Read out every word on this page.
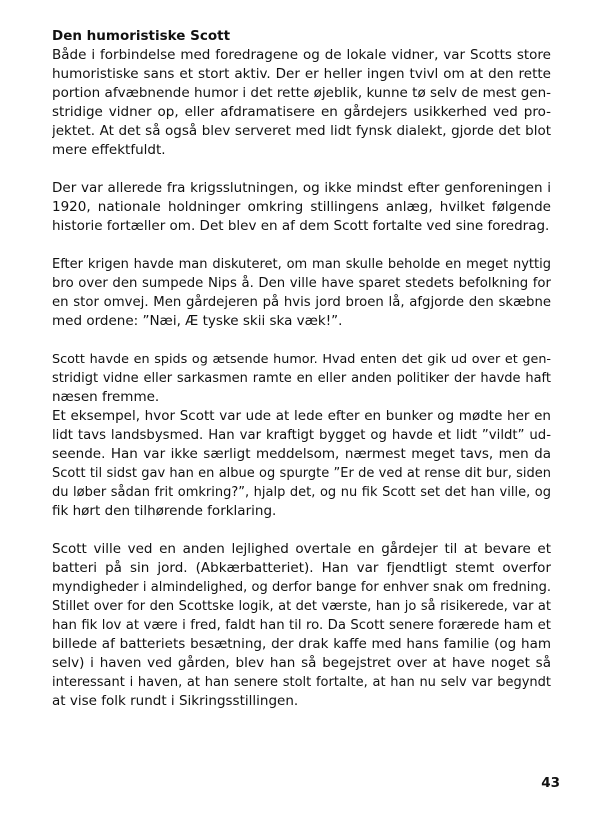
Den humoristiske Scott
Både i forbindelse med foredragene og de lokale vidner, var Scotts store
humoristiske sans et stort aktiv. Der er heller ingen tvivl om at den rette
portion afvæbnende humor i det rette øjeblik, kunne tø selv de mest gen-
stridige vidner op, eller afdramatisere en gårdejers usikkerhed ved pro-
jektet. At det så også blev serveret med lidt fynsk dialekt, gjorde det blot
mere effektfuldt.
Der var allerede fra krigsslutningen, og ikke mindst efter genforeningen i
1920, nationale holdninger omkring stillingens anlæg, hvilket følgende
historie fortæller om. Det blev en af dem Scott fortalte ved sine foredrag.
Efter krigen havde man diskuteret, om man skulle beholde en meget nyttig
bro over den sumpede Nips å. Den ville have sparet stedets befolkning for
en stor omvej. Men gårdejeren på hvis jord broen lå, afgjorde den skæbne
med ordene: ”Næi, Æ tyske skii ska væk!”.
Scott havde en spids og ætsende humor. Hvad enten det gik ud over et gen-
stridigt vidne eller sarkasmen ramte en eller anden politiker der havde haft
næsen fremme.
Et eksempel, hvor Scott var ude at lede efter en bunker og mødte her en
lidt tavs landsbysmed. Han var kraftigt bygget og havde et lidt ”vildt” ud-
seende. Han var ikke særligt meddelsom, nærmest meget tavs, men da
Scott til sidst gav han en albue og spurgte ”Er de ved at rense dit bur, siden
du løber sådan frit omkring?”, hjalp det, og nu fik Scott set det han ville, og
fik hørt den tilhørende forklaring.
Scott ville ved en anden lejlighed overtale en gårdejer til at bevare et
batteri på sin jord. (Abkærbatteriet). Han var fjendtligt stemt overfor
myndigheder i almindelighed, og derfor bange for enhver snak om fredning.
Stillet over for den Scottske logik, at det værste, han jo så risikerede, var at
han fik lov at være i fred, faldt han til ro. Da Scott senere forærede ham et
billede af batteriets besætning, der drak kaffe med hans familie (og ham
selv) i haven ved gården, blev han så begejstret over at have noget så
interessant i haven, at han senere stolt fortalte, at han nu selv var begyndt
at vise folk rundt i Sikringsstillingen.
43
